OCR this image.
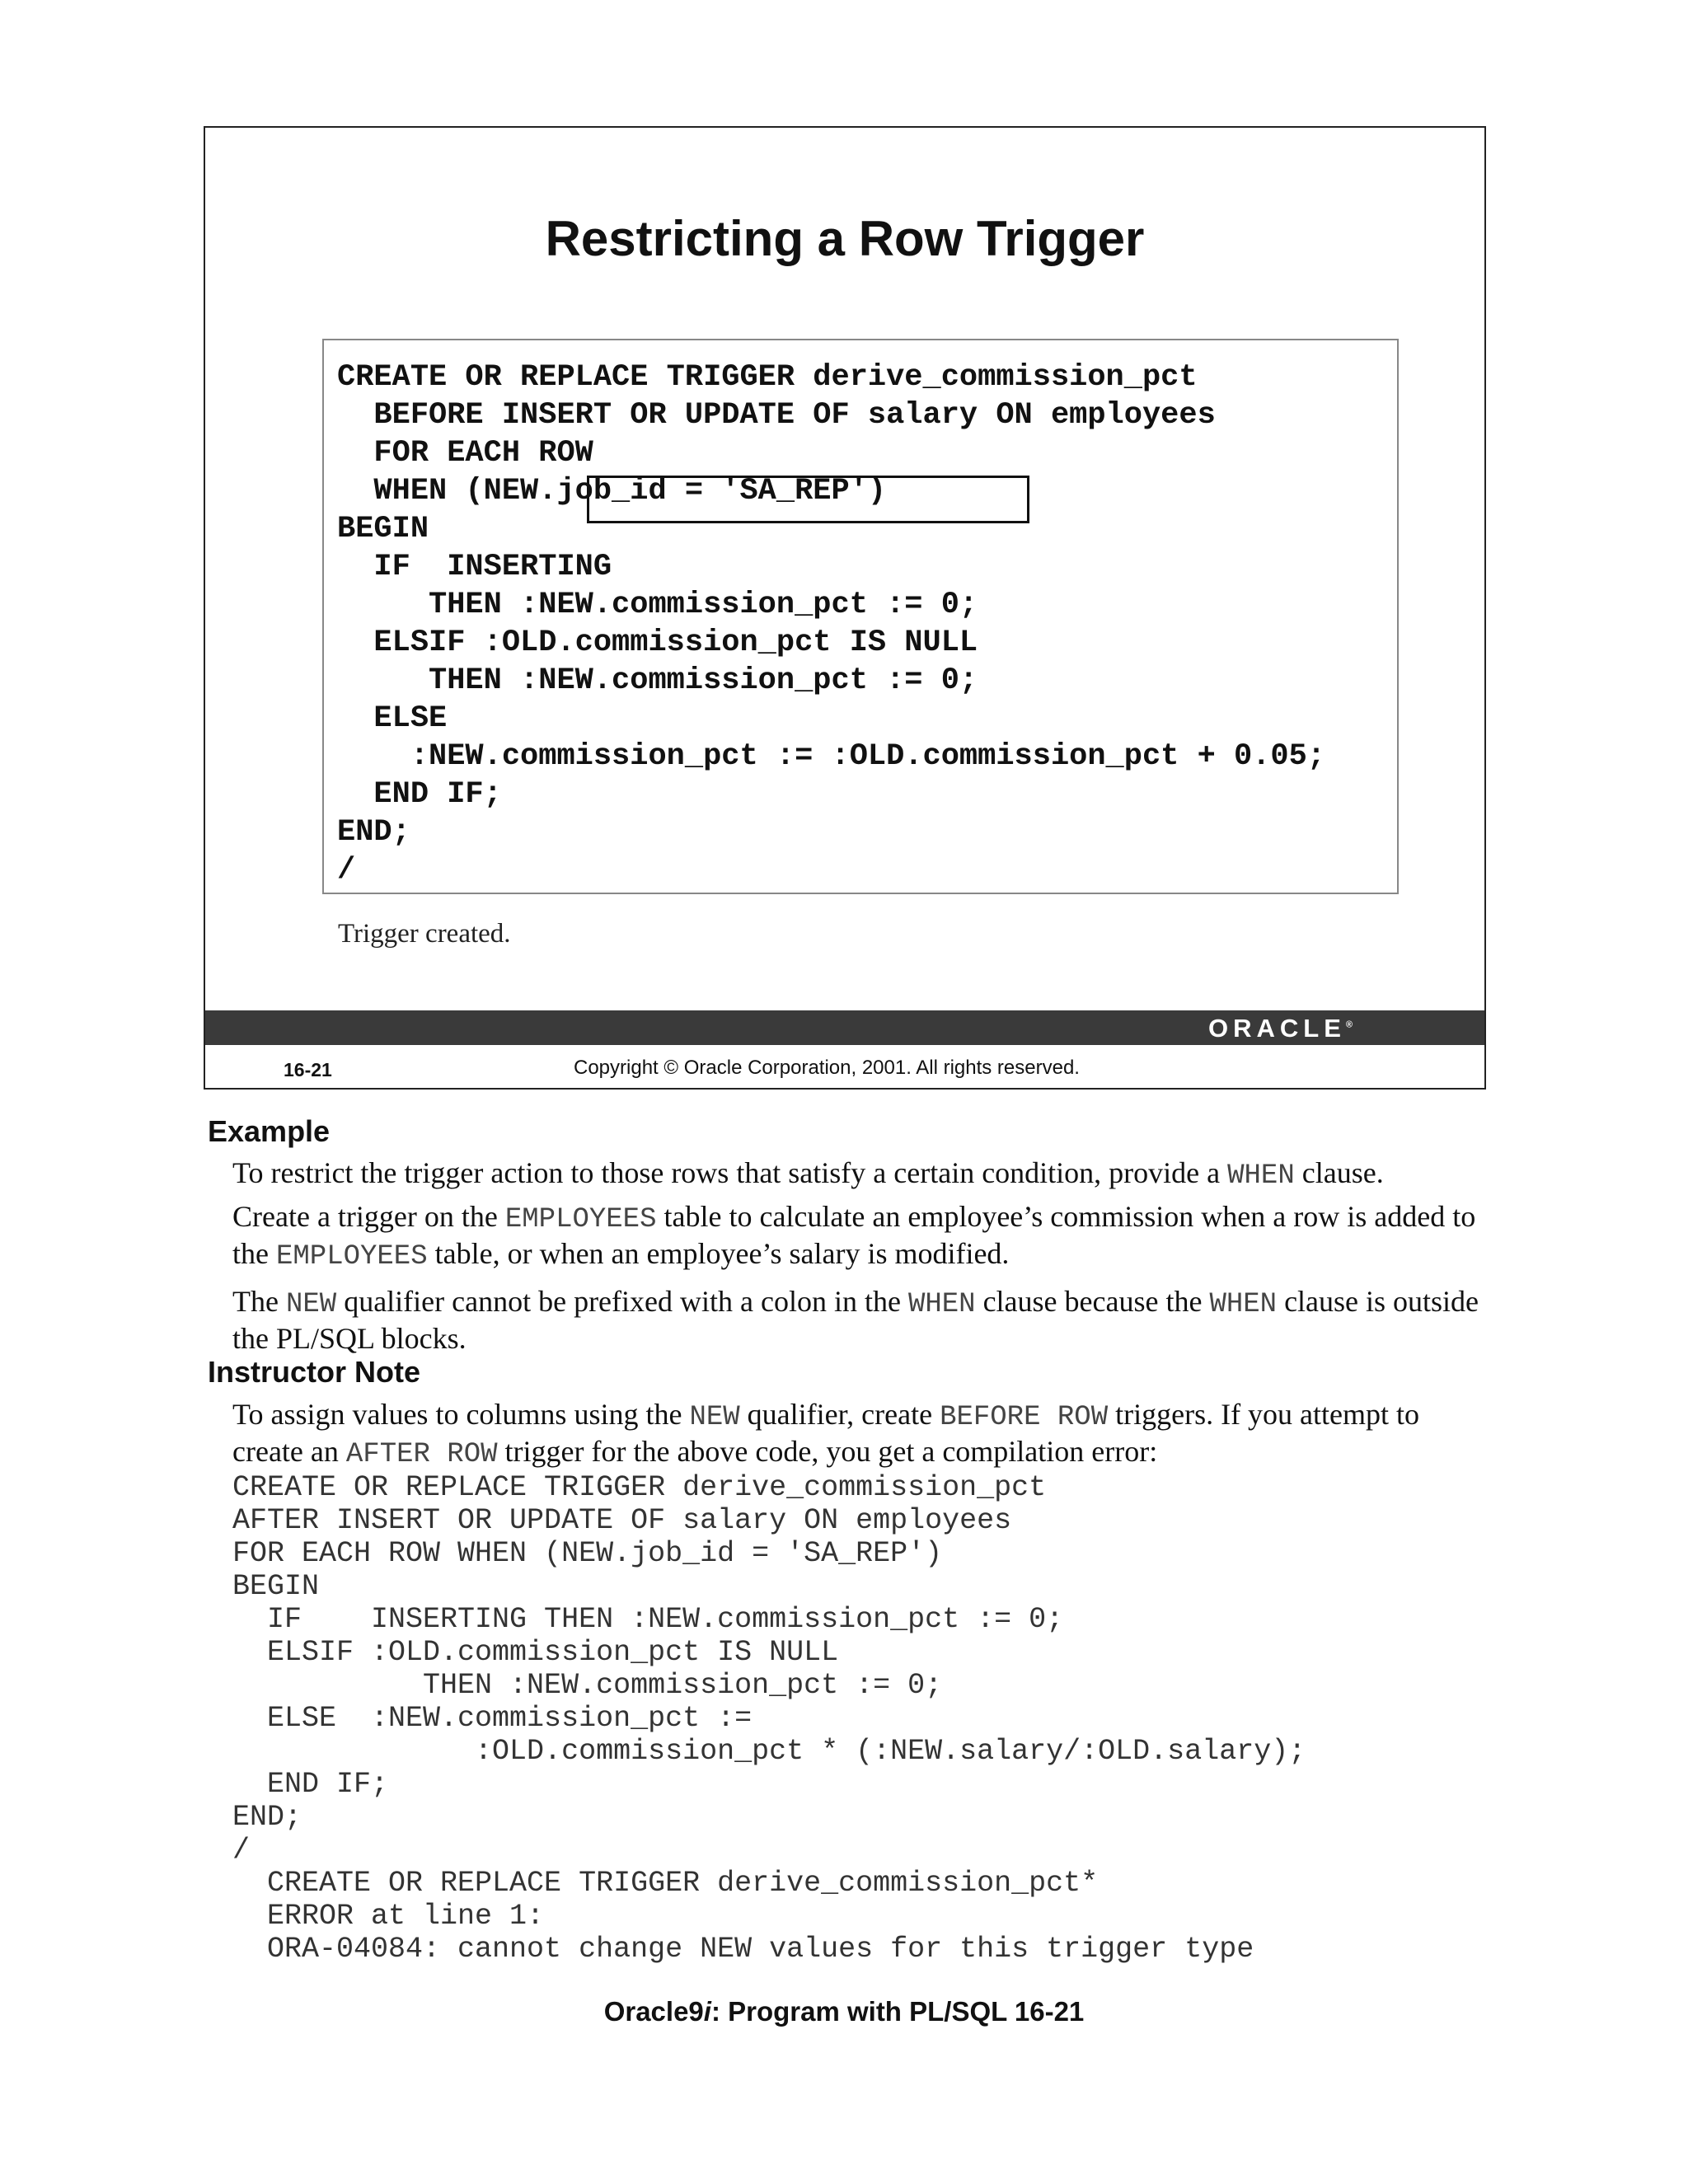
Restricting a Row Trigger
CREATE OR REPLACE TRIGGER derive_commission_pct
BEFORE INSERT OR UPDATE OF salary ON employees
FOR EACH ROW
WHEN (NEW.job_id = 'SA_REP')
BEGIN
IF  INSERTING
THEN :NEW.commission_pct := 0;
ELSIF :OLD.commission_pct IS NULL
THEN :NEW.commission_pct := 0;
ELSE
:NEW.commission_pct := :OLD.commission_pct + 0.05;
END IF;
END;
/
Trigger created.
ORACLE®
16-21	Copyright © Oracle Corporation, 2001. All rights reserved.
Example

To restrict the trigger action to those rows that satisfy a certain condition, provide a WHEN clause.

Create a trigger on the EMPLOYEES table to calculate an employee’s commission when a row is added to the EMPLOYEES table, or when an employee’s salary is modified.

The NEW qualifier cannot be prefixed with a colon in the WHEN clause because the WHEN clause is outside the PL/SQL blocks.

Instructor Note

To assign values to columns using the NEW qualifier, create BEFORE ROW triggers. If you attempt to create an AFTER ROW trigger for the above code, you get a compilation error:

CREATE OR REPLACE TRIGGER derive_commission_pct
AFTER INSERT OR UPDATE OF salary ON employees
FOR EACH ROW WHEN (NEW.job_id = 'SA_REP')
BEGIN
IF    INSERTING THEN :NEW.commission_pct := 0;
ELSIF :OLD.commission_pct IS NULL
THEN :NEW.commission_pct := 0;
ELSE  :NEW.commission_pct :=
:OLD.commission_pct * (:NEW.salary/:OLD.salary);
END IF;
END;
/
CREATE OR REPLACE TRIGGER derive_commission_pct*
ERROR at line 1:
ORA-04084: cannot change NEW values for this trigger type
Oracle9i: Program with PL/SQL 16-21
